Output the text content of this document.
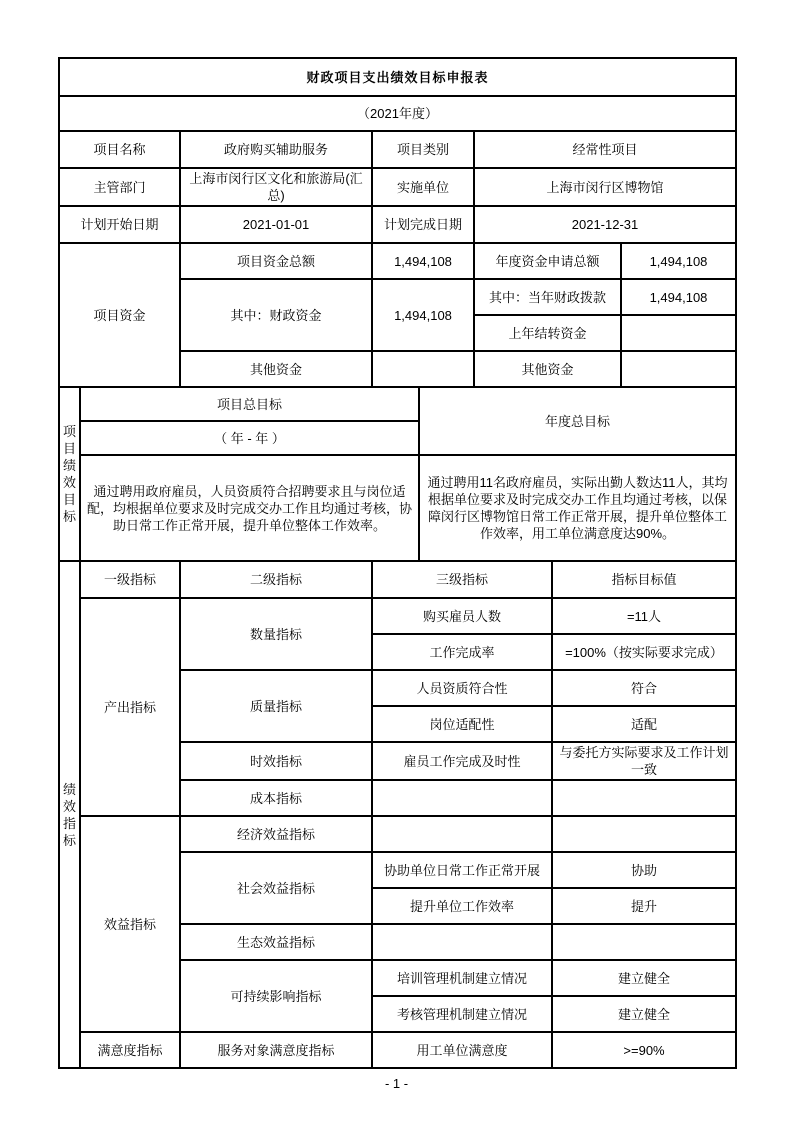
财政项目支出绩效目标申报表							
（2021年度）							
项目名称		政府购买辅助服务	项目类别		经常性项目		
主管部门		上海市闵行区文化和旅游局(汇总)	实施单位		上海市闵行区博物馆		
计划开始日期		2021-01-01	计划完成日期		2021-12-31		
项目资金		项目资金总额	1,494,108		年度资金申请总额		1,494,108
		其中：财政资金	1,494,108		其中：当年财政拨款		1,494,108
					上年结转资金		
		其他资金			其他资金		

项目绩效目标	项目总目标			年度总目标			
	（ 年 - 年 ）						
	通过聘用政府雇员，人员资质符合招聘要求且与岗位适配，均根据单位要求及时完成交办工作且均通过考核，协助日常工作正常开展，提升单位整体工作效率。			通过聘用11名政府雇员，实际出勤人数达11人，其均根据单位要求及时完成交办工作且均通过考核，以保障闵行区博物馆日常工作正常开展，提升单位整体工作效率，用工单位满意度达90%。			

绩效指标	一级指标	二级指标	三级指标			指标目标值	
	产出指标	数量指标	购买雇员人数			=11人	
			工作完成率			=100%（按实际要求完成）	
		质量指标	人员资质符合性			符合	
			岗位适配性			适配	
		时效指标	雇员工作完成及时性			与委托方实际要求及工作计划一致	
		成本指标					
	效益指标	经济效益指标					
		社会效益指标	协助单位日常工作正常开展			协助	
			提升单位工作效率			提升	
		生态效益指标					
		可持续影响指标	培训管理机制建立情况			建立健全	
			考核管理机制建立情况			建立健全	
	满意度指标	服务对象满意度指标	用工单位满意度			>=90%	
- 1 -
